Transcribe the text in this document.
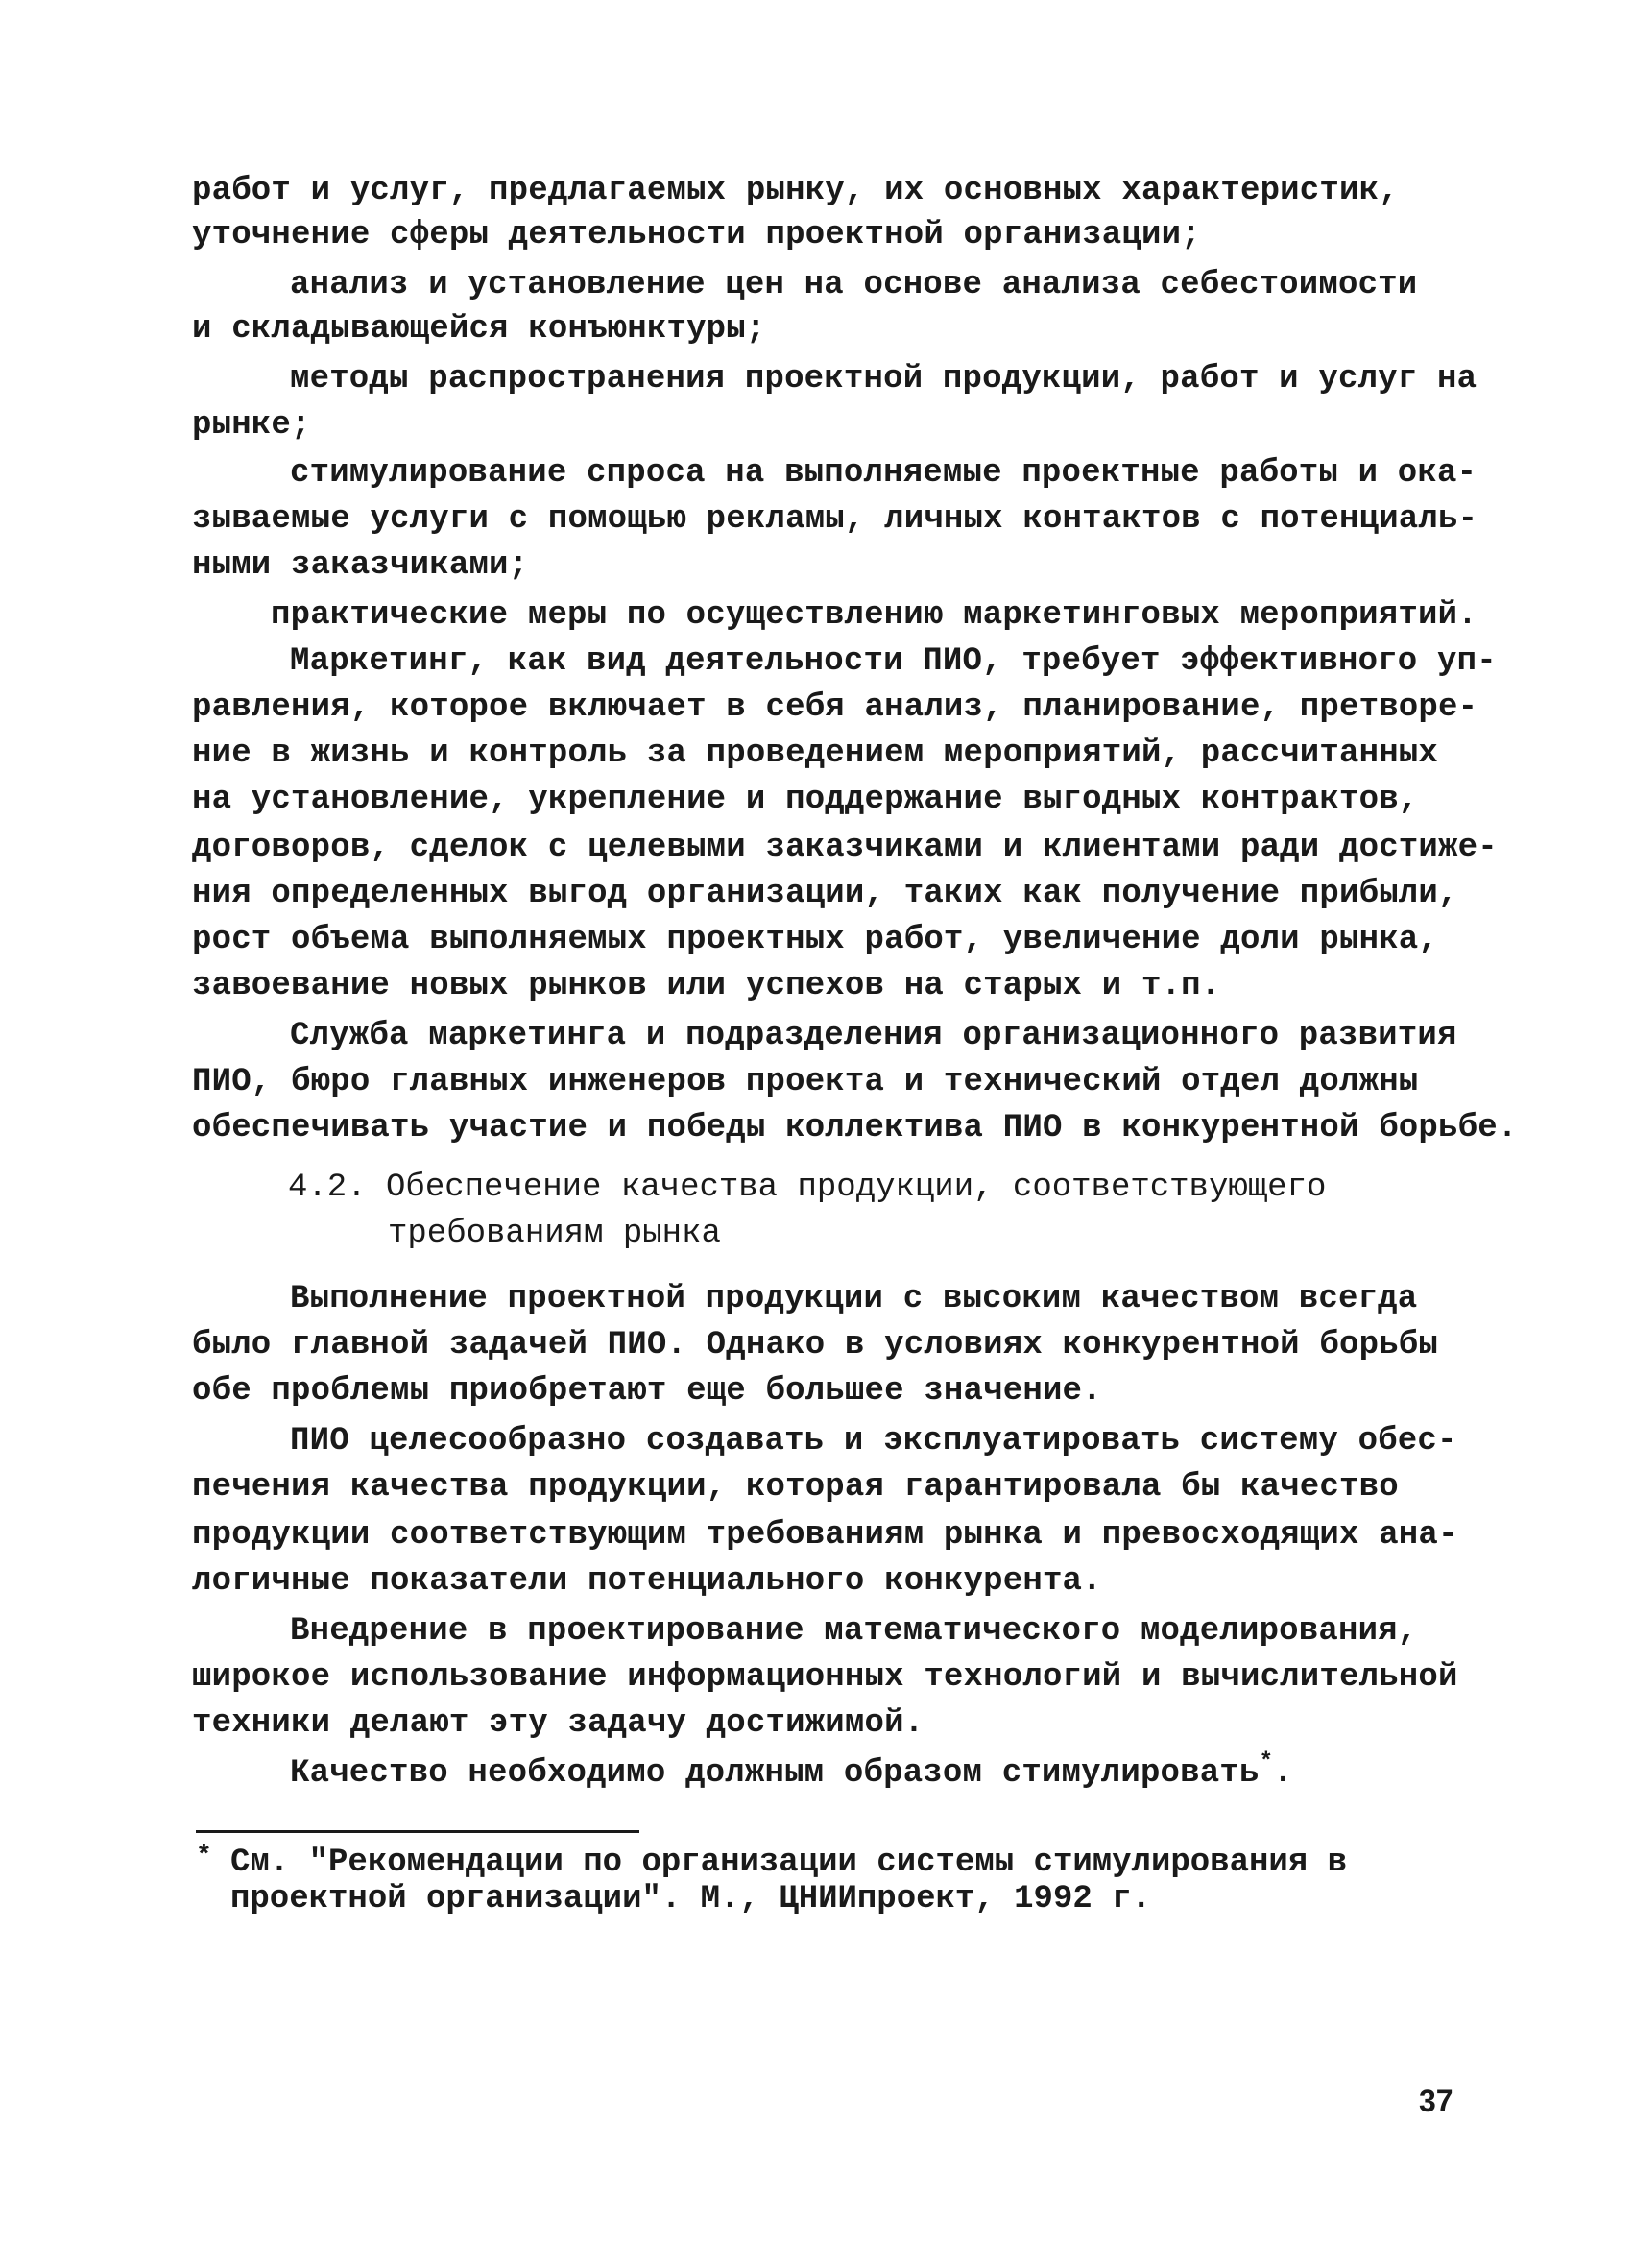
работ и услуг, предлагаемых рынку, их основных характеристик,
уточнение сферы деятельности проектной организации;
анализ и установление цен на основе анализа себестоимости
и складывающейся конъюнктуры;
методы распространения проектной продукции, работ и услуг на
рынке;
стимулирование спроса на выполняемые проектные работы и ока-
зываемые услуги с помощью рекламы, личных контактов с потенциаль-
ными заказчиками;
практические меры по осуществлению маркетинговых мероприятий.
Маркетинг, как вид деятельности ПИО, требует эффективного уп-
равления, которое включает в себя анализ, планирование, претворе-
ние в жизнь и контроль за проведением мероприятий, рассчитанных
на установление, укрепление и поддержание выгодных контрактов,
договоров, сделок с целевыми заказчиками и клиентами ради достиже-
ния определенных выгод организации, таких как получение прибыли,
рост объема выполняемых проектных работ, увеличение доли рынка,
завоевание новых рынков или успехов на старых и т.п.
Служба маркетинга и подразделения организационного развития
ПИО, бюро главных инженеров проекта и технический отдел должны
обеспечивать участие и победы коллектива ПИО в конкурентной борьбе.
4.2. Обеспечение качества продукции, соответствующего
требованиям рынка
Выполнение проектной продукции с высоким качеством всегда
было главной задачей ПИО. Однако в условиях конкурентной борьбы
обе проблемы приобретают еще большее значение.
ПИО целесообразно создавать и эксплуатировать систему обес-
печения качества продукции, которая гарантировала бы качество
продукции соответствующим требованиям рынка и превосходящих ана-
логичные показатели потенциального конкурента.
Внедрение в проектирование математического моделирования,
широкое использование информационных технологий и вычислительной
техники делают эту задачу достижимой.
Качество необходимо должным образом стимулировать*.
* См. "Рекомендации по организации системы стимулирования в
проектной организации". М., ЦНИИпроект, 1992 г.
37
